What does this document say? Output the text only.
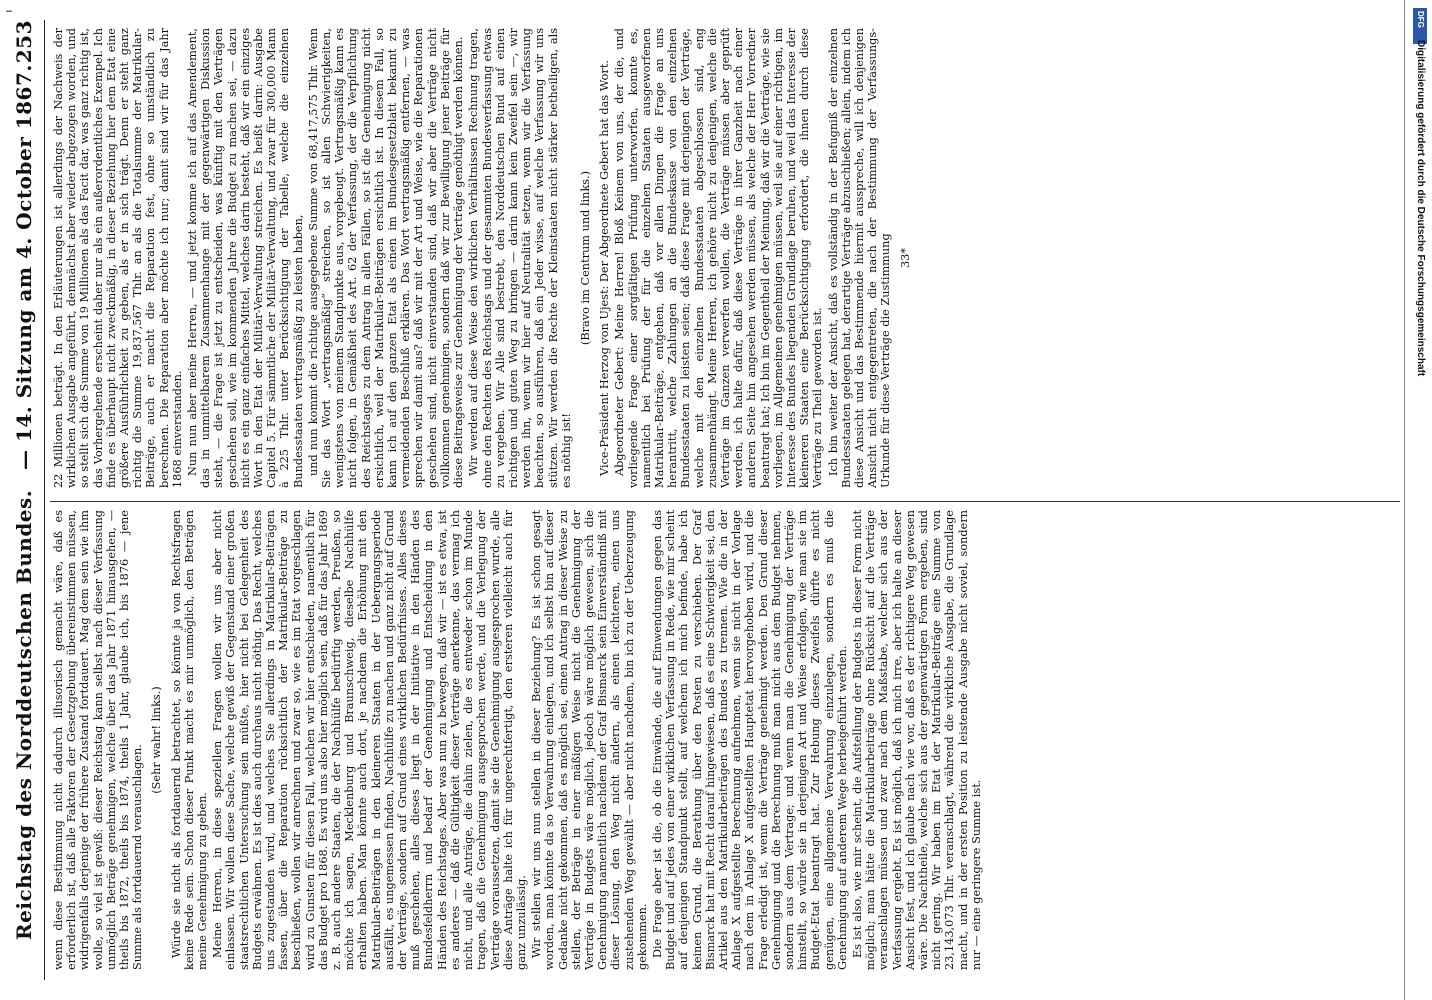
…
Reichstag des Norddeutschen Bundes.
— 14. Sitzung am 4. October 1867.
253

wenn diese Bestimmung nicht dadurch illusorisch gemacht wäre, daß es erforderlich ist, daß alle Faktoren der Gesetzgebung übereinstimmen müssen, widrigenfalls derjenige der frühere Zustand fortdauert. Mag dem sein wie ihm wolle, so viel ist gewiß: dieser Reichstag kann selbst nach dieser Verfassung unmöglich Beträge genehmigen, welche über das Jahr 1871 hinausgehen, — theils bis 1872, theils bis 1874, theils 1 Jahr, glaube ich, bis 1876 — jene Summe als fortdauernd verauschlagen.

(Sehr wahr! links.) Würde sie nicht als fortdauernd betrachtet, so könnte ja von Rechtsfragen keine Rede sein. Schon dieser Punkt macht es mir unmöglich, den Beträgen meine Genehmigung zu geben. Meine Herren, in diese speziellen Fragen wollen wir uns aber nicht einlassen. Wir wollen diese Sache, welche gewiß der Gegenstand einer großen staatsrechtlichen Untersuchung sein müßte, hier nicht bei Gelegenheit des Budgets erwähnen. Es ist dies auch durchaus nicht nöthig. Das Recht, welches uns zugestanden wird, und welches Sie allerdings in Matrikular-Beiträgen fassen, über die Reparation rücksichtlich der Matrikular-Beiträge zu beschließen, wollen wir anrechnen und zwar so, wie es im Etat vorgeschlagen wird zu Gunsten für diesen Fall, welchen wir hier entschieden, namentlich für das Budget pro 1868. Es wird uns also hier möglich sein, daß für das Jahr 1869 z. B. auch andere Staaten, die der Nachhülfe bedürftig werden, Preußen, so möchte ich sagen, Mecklenburg und Braunschweig, dieselbe Nachhülfe erhalten haben. Man könnte auch dort, je nachdem die Erhöhung mit den Matrikular-Beiträgen in den kleineren Staaten in der Uebergangsperiode ausfällt, es ungemessen finden, Nachhülfe zu machen und ganz nicht auf Grund der Verträge, sondern auf Grund eines wirklichen Bedürfnisses. Alles dieses muß geschehen, alles dieses liegt in der Initiative in den Händen des Bundesfeldherrn und bedarf der Genehmigung und Entscheidung in den Händen des Reichstages. Aber was nun zu bewegen, daß wir — ist es etwa, ist es anderes — daß die Gültigkeit dieser Verträge anerkenne, das vermag ich nicht, und alle Anträge, die dahin zielen, die es entweder schon im Munde tragen, daß die Genehmigung ausgesprochen werde, und die Verlegung der Verträge voraussetzen, damit sie die Genehmigung ausgesprochen wurde, alle diese Anträge halte ich für ungerechtfertigt, den ersteren vielleicht auch für ganz unzulässig. Wir stellen wir uns nun stellen in dieser Beziehung? Es ist schon gesagt worden, man könnte da so Verwahrung einlegen, und ich selbst bin auf dieser Gedanke nicht gekommen, daß es möglich sei, einen Antrag in dieser Weise zu stellen, der Beträge in einer mäßigen Weise nicht die Genehmigung der Verträge in Budgets wäre möglich, jedoch wäre möglich gewesen, sich die Genehmigung namentlich nachdem der Graf Bismarck sein Einverständniß mit dieser Lösung, den Weg nicht ändern, als einen leichteren, einen uns zustehenden Weg gewählt — aber nicht nachdem, bin ich zu der Ueberzeugung gekommen. Die Frage aber ist die, ob die Einwände, die auf Einwendungen gegen das Budget und auf jedes von einer wirklichen Verfassung in Rede, wie mir scheint auf denjenigen Standpunkt stellt, auf welchem ich mich befinde, habe ich keinen Grund, die Berathung über den Posten zu verschieben. Der Graf Bismarck hat mit Recht darauf hingewiesen, daß es eine Schwierigkeit sei, den Artikel aus den Matrikularbeiträgen des Bundes zu trennen. Wie die in der Anlage X aufgestellte Berechnung aufnehmen, wenn sie nicht in der Vorlage nach dem in Anlage X aufgestellten Hauptetat hervorgehoben wird, und die Frage erledigt ist, wenn die Verträge genehmigt werden. Den Grund dieser Genehmigung und die Berechnung muß man nicht aus dem Budget nehmen, sondern aus dem Vertrage; und wenn man die Genehmigung der Verträge hinstellt, so würde sie in derjenigen Art und Weise erfolgen, wie man sie im Budget-Etat beantragt hat. Zur Hebung dieses Zweifels dürfte es nicht genügen, eine allgemeine Verwahrung einzulegen, sondern es muß die Genehmigung auf anderem Wege herbeigeführt werden. Es ist also, wie mir scheint, die Aufstellung der Budgets in dieser Form nicht möglich; man hätte die Matrikularbeiträge ohne Rücksicht auf die Verträge veranschlagen müssen und zwar nach dem Maßstabe, welcher sich aus der Verfassung ergiebt. Es ist möglich, daß ich mich irre, aber ich halte an dieser Ansicht fest, und ich glaube nach wie vor, daß es der richtigere Weg gewesen wäre. Die Nachtheile, welche sich aus der gegenwärtigen Form ergeben, sind nicht gering. Wir haben im Etat der Matrikular-Beiträge eine Summe von 23,143,073 Thlr. veranschlagt, während die wirkliche Ausgabe, die Grundlage macht, und in der ersten Position zu leistende Ausgabe nicht soviel, sondern nur — eine geringere Summe ist.

22 Millionen beträgt. In den Erläuterungen ist allerdings der Nachweis der wirklichen Ausgabe angeführt, demnächst aber wieder abgezogen worden, und so stellt sich die Summe von 19 Millionen als das Facit dar, was ganz richtig ist, das Vorhergehende erscheint daher nur als ein außerordentliches Exempel. Ich finde es überhaupt nicht zweckmäßig, in dieser Beziehung hier dem Etat eine größere Ausführlichkeit zu geben, als er in sich trägt. Denn er steht ganz richtig die Summe 19,837,567 Thlr. an als die Totalsumme der Matrikular-Beiträge, auch er macht die Reparation fest, ohne so umständlich zu berechnen. Die Reparation aber möchte ich nur; damit sind wir für das Jahr 1868 einverstanden. Nun nun aber meine Herren, — und jetzt komme ich auf das Amendement, das in unmittelbarem Zusammenhange mit der gegenwärtigen Diskussion steht, — die Frage ist jetzt zu entscheiden, was künftig mit den Verträgen geschehen soll, wie im kommenden Jahre die Budget zu machen sei, — dazu nicht es ein ganz einfaches Mittel, welches darin besteht, daß wir ein einziges Wort in den Etat der Militär-Verwaltung streichen. Es heißt darin: Ausgabe Capitel 5. Für sämmtliche der Militär-Verwaltung, und zwar für 300,000 Mann à 225 Thlr. unter Berücksichtigung der Tabelle, welche die einzelnen Bundesstaaten vertragsmäßig zu leisten haben, und nun kommt die richtige ausgegebene Summe von 68,417,575 Thlr. Wenn Sie das Wort „vertragsmäßig“ streichen, so ist allen Schwierigkeiten, wenigstens von meinem Standpunkte aus, vorgebeugt. Vertragsmäßig kann es nicht folgen, in Gemäßheit des Art. 62 der Verfassung, der die Verpflichtung des Reichstages zu dem Antrag in allen Fällen, so ist die Genehmigung nicht ersichtlich, weil der Matrikular-Beiträgen ersichtlich ist. In diesem Fall, so kann ich auf den ganzen Etat als einen im Bundesgesetzblatt bekannt zu vermeidenden Beschluß erklären. Das Wort vertragsmäßig entfernen, — was sprechen wir damit aus? daß wir mit der Art und Weise, wie die Reparationen geschehen sind, nicht einverstanden sind, daß wir aber die Verträge nicht vollkommen genehmigen, sondern daß wir zur Bewilligung jener Beiträge für diese Beitragsweise zur Genehmigung der Verträge genöthigt werden können. Wir werden auf diese Weise den wirklichen Verhältnissen Rechnung tragen, ohne den Rechten des Reichstags und der gesammten Bundesverfassung etwas zu vergeben. Wir Alle sind bestrebt, den Norddeutschen Bund auf einen richtigen und guten Weg zu bringen — darin kann kein Zweifel sein —, wir werden ihn, wenn wir hier auf Neutralität setzen, wenn wir die Verfassung beachten, so ausführen, daß ein Jeder wisse, auf welche Verfassung wir uns stützen. Wir werden die Rechte der Kleinstaaten nicht stärker betheiligen, als es nöthig ist!

(Bravo im Centrum und links.) Vice-Präsident Herzog von Ujest: Der Abgeordnete Gebert hat das Wort. Abgeordneter Gebert: Meine Herren! Bloß Keinem von uns, der die, und vorliegende Frage einer sorgfältigen Prüfung unterworfen, konnte es, namentlich bei Prüfung der für die einzelnen Staaten ausgeworfenen Matrikular-Beiträge, entgehen, daß vor allen Dingen die Frage an uns herantritt, welche Zahlungen an die Bundeskasse von den einzelnen Bundesstaaten zu leisten seien; daß diese Frage mit derjenigen der Verträge, welche mit den einzelnen Bundesstaaten abgeschlossen sind, eng zusammenhängt. Meine Herren, ich gehöre nicht zu denjenigen, welche die Verträge im Ganzen verwerfen wollen, die Verträge müssen aber geprüft werden, ich halte dafür, daß diese Verträge in ihrer Ganzheit nach einer anderen Seite hin angesehen werden müssen, als welche der Herr Vorredner beantragt hat; Ich bin im Gegentheil der Meinung, daß wir die Verträge, wie sie vorliegen, im Allgemeinen genehmigen müssen, weil sie auf einer richtigen, im Interesse des Bundes liegenden Grundlage beruhen, und weil das Interesse der kleineren Staaten eine Berücksichtigung erfordert, die ihnen durch diese Verträge zu Theil geworden ist. Ich bin weiter der Ansicht, daß es vollständig in der Befugniß der einzelnen Bundesstaaten gelegen hat, derartige Verträge abzuschließen; allein, indem ich diese Ansicht und das Bestimmende hiermit ausspreche, will ich denjenigen Ansicht nicht entgegentreten, die nach der Bestimmung der Verfassungs-Urkunde für diese Verträge die Zustimmung 33*

DFG
Digitalisierung gefördert durch die Deutsche Forschungsgemeinschaft
